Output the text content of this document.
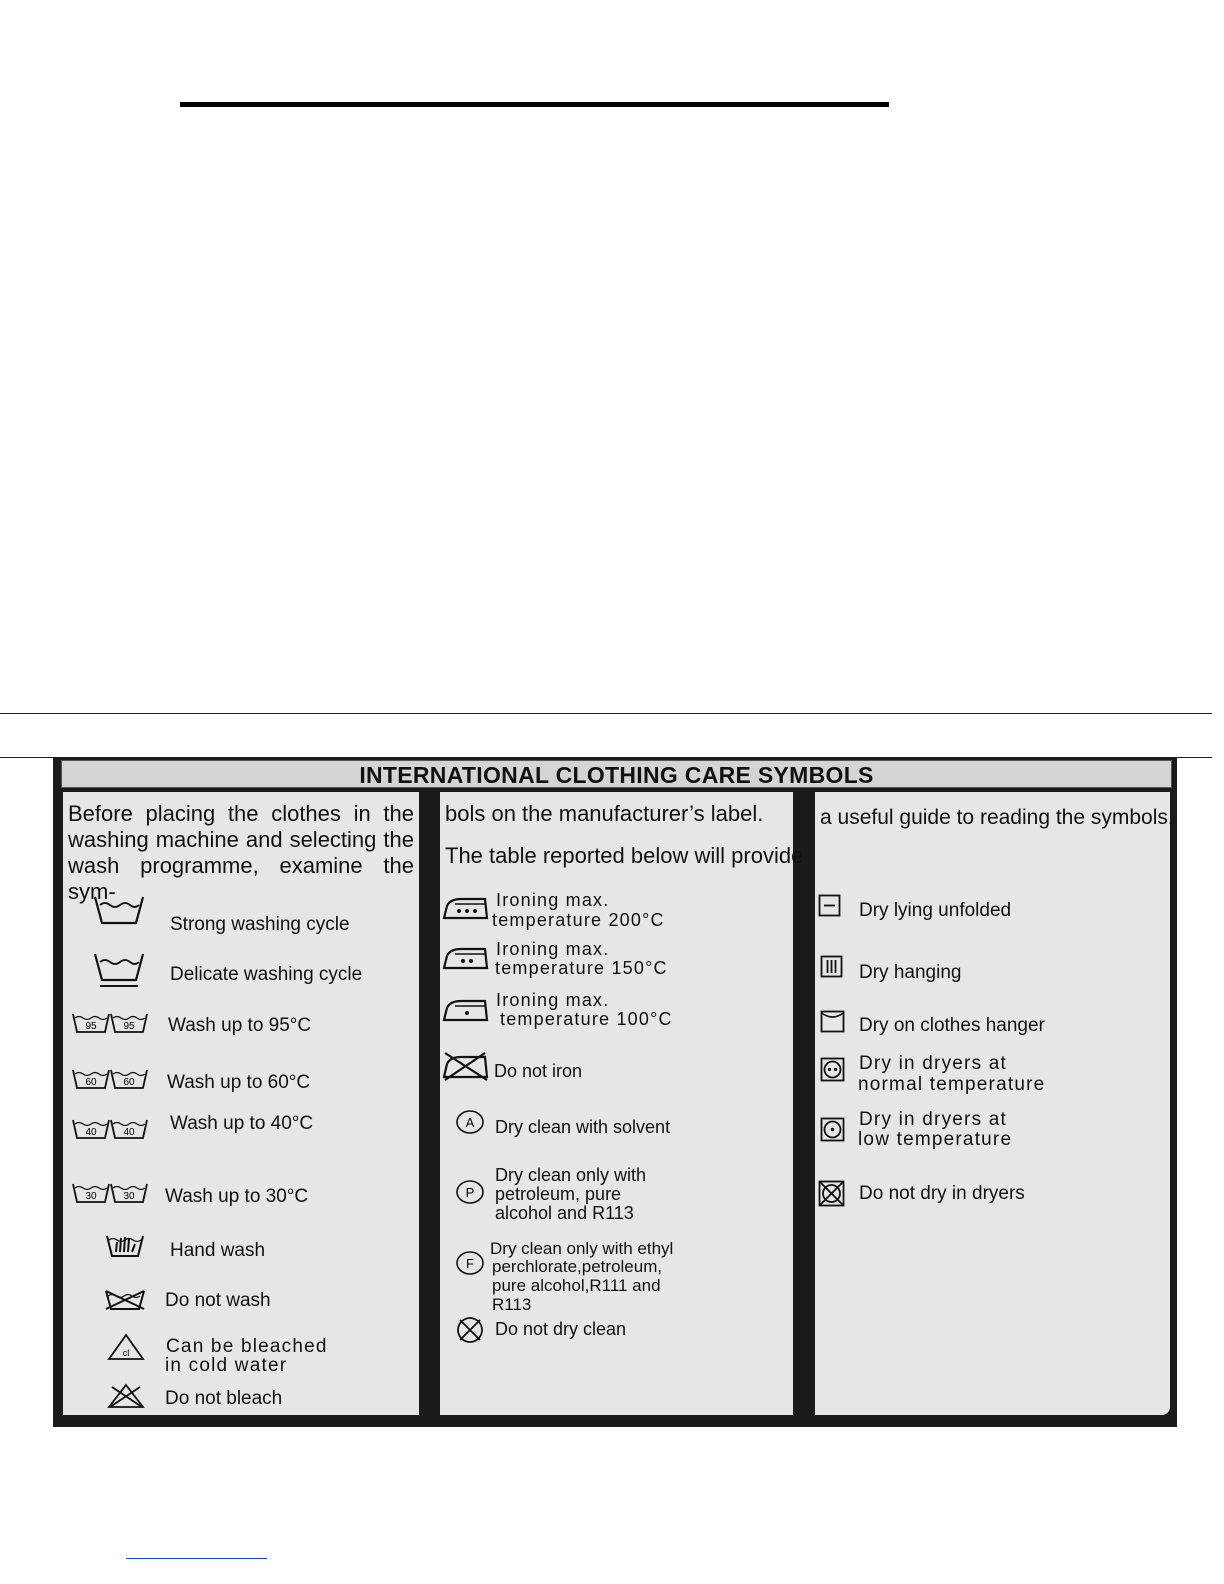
INTERNATIONAL CLOTHING CARE SYMBOLS
Before placing the clothes in the
washing machine and selecting the
wash programme, examine the sym-
bols on the manufacturer’s label.
The table reported below will provide
a useful guide to reading the symbols.
Strong washing cycle
Delicate washing cycle
95	95 Wash up to 95°C
60	60 Wash up to 60°C
40	40 Wash up to 40°C
30	30 Wash up to 30°C
Hand wash
Do not wash
cl Can be bleached
in cold water
Do not bleach
Ironing max.
temperature 200°C
Ironing max.
temperature 150°C
Ironing max.
temperature 100°C
Do not iron
A Dry clean with solvent
P
Dry clean only with
petroleum, pure
alcohol and R113
F
Dry clean only with ethyl
perchlorate,petroleum,
pure alcohol,R111 and
R113
Do not dry clean
Dry lying unfolded
Dry hanging
Dry on clothes hanger
Dry in dryers at
normal temperature
Dry in dryers at
low temperature
Do not dry in dryers
